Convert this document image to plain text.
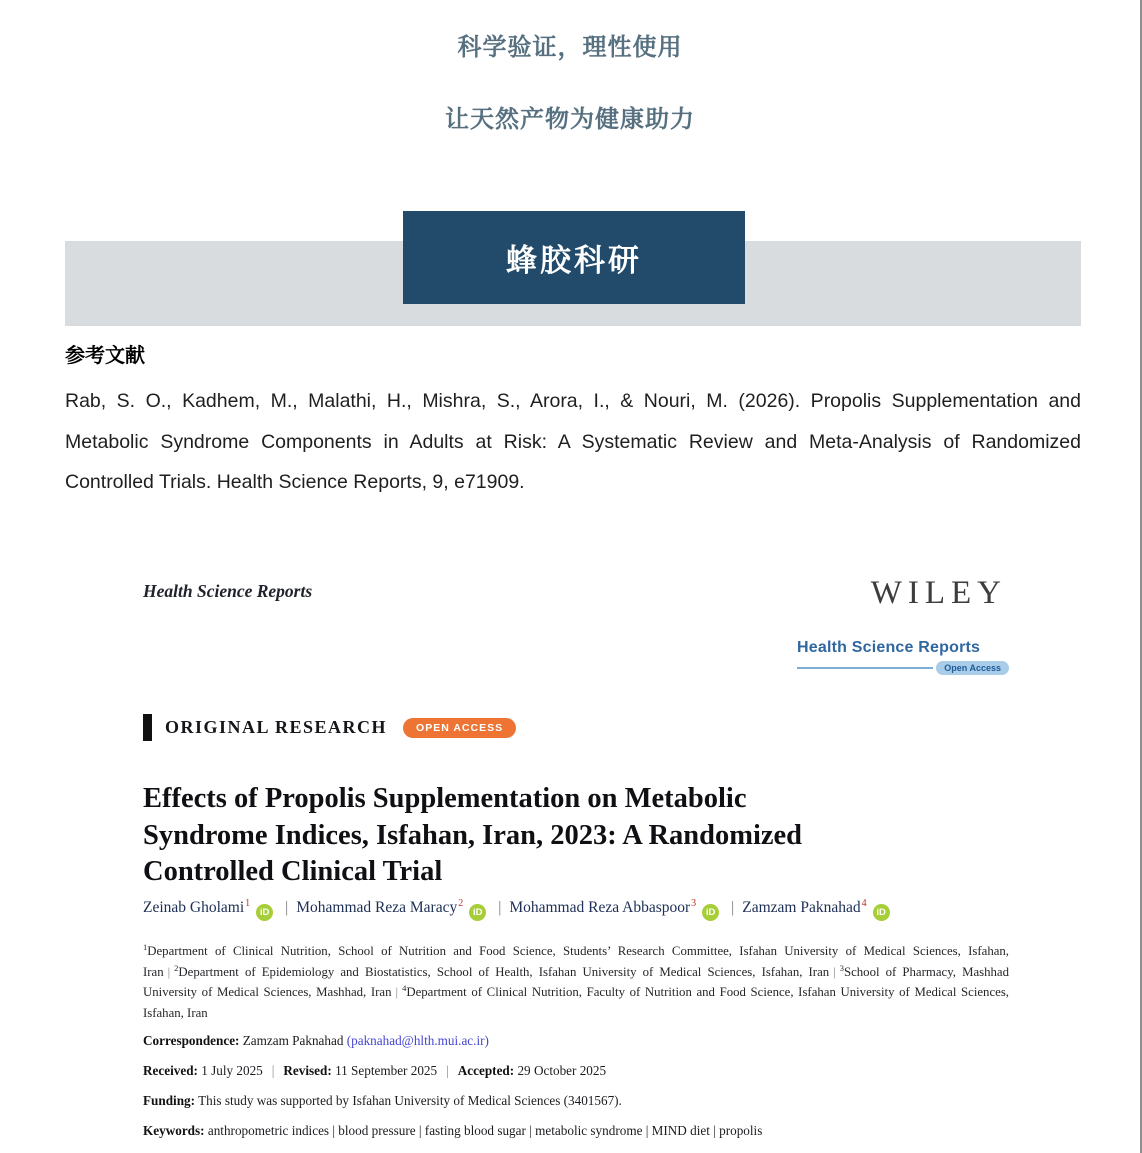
科学验证，理性使用
让天然产物为健康助力
蜂胶科研
参考文献
Rab, S. O., Kadhem, M., Malathi, H., Mishra, S., Arora, I., & Nouri, M. (2026). Propolis Supplementation and Metabolic Syndrome Components in Adults at Risk: A Systematic Review and Meta-Analysis of Randomized Controlled Trials. Health Science Reports, 9, e71909.
Health Science Reports	WILEY
Health Science Reports
Open Access
ORIGINAL RESEARCH	OPEN ACCESS
Effects of Propolis Supplementation on Metabolic
Syndrome Indices, Isfahan, Iran, 2023: A Randomized
Controlled Clinical Trial
Zeinab Gholami$^1$iD | Mohammad Reza Maracy$^2$iD | Mohammad Reza Abbaspoor$^3$iD | Zamzam Paknahad$^4$iD
$^1$Department of Clinical Nutrition, School of Nutrition and Food Science, Students’ Research Committee, Isfahan University of Medical Sciences, Isfahan, Iran | $^2$Department of Epidemiology and Biostatistics, School of Health, Isfahan University of Medical Sciences, Isfahan, Iran | $^3$School of Pharmacy, Mashhad University of Medical Sciences, Mashhad, Iran | $^4$Department of Clinical Nutrition, Faculty of Nutrition and Food Science, Isfahan University of Medical Sciences, Isfahan, Iran
Correspondence: Zamzam Paknahad (paknahad@hlth.mui.ac.ir)
Received: 1 July 2025 | Revised: 11 September 2025 | Accepted: 29 October 2025
Funding: This study was supported by Isfahan University of Medical Sciences (3401567).
Keywords: anthropometric indices | blood pressure | fasting blood sugar | metabolic syndrome | MIND diet | propolis
